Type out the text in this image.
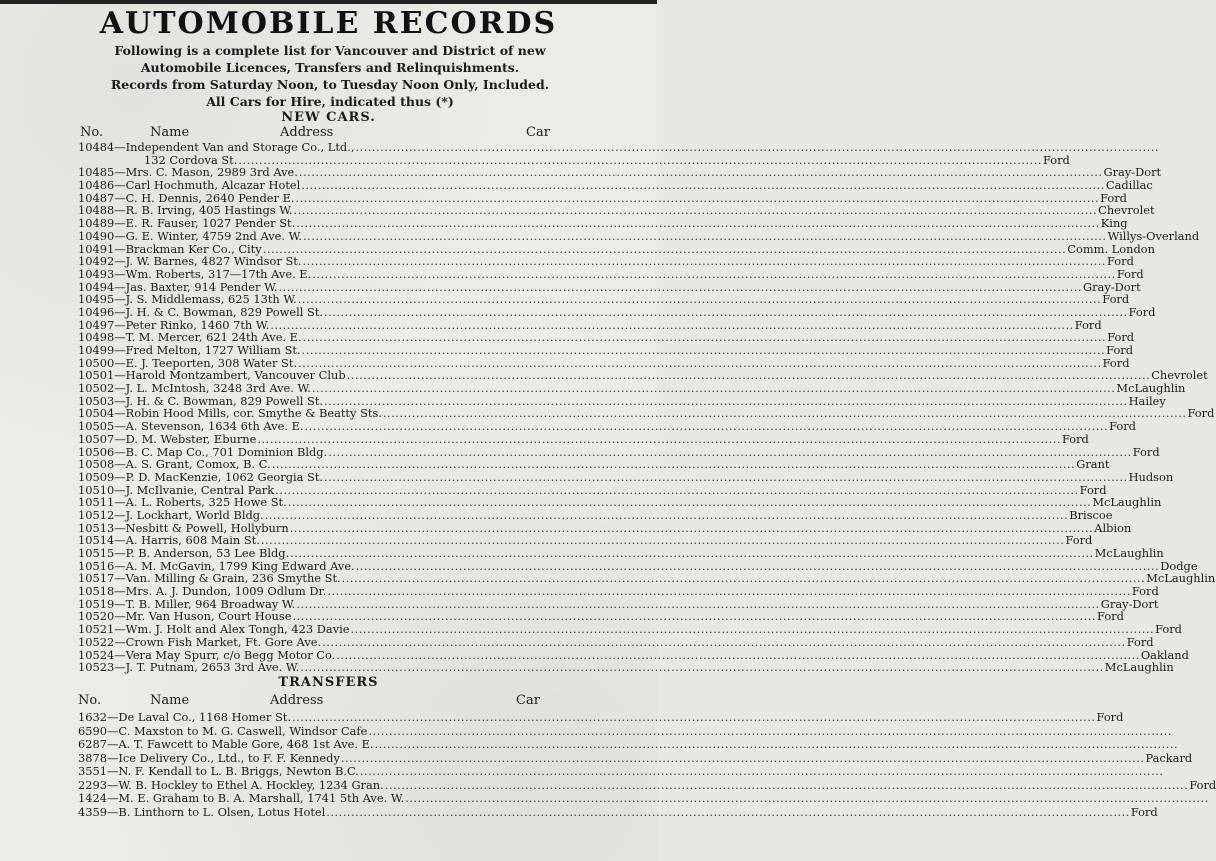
AUTOMOBILE RECORDS
Following is a complete list for Vancouver and District of new
Automobile Licences, Transfers and Relinquishments.
Records from Saturday Noon, to Tuesday Noon Only, Included.
All Cars for Hire, indicated thus (*)
NEW CARS.
No.	Name	Address	Car
10484 — Independent Van and Storage Co., Ltd.,
.....
132 Cordova St. .....	Ford
10485 — Mrs. C. Mason, 2989 3rd Ave. .....	Gray-Dort
10486 — Carl Hochmuth, Alcazar Hotel .....	Cadillac
10487 — C. H. Dennis, 2640 Pender E. .....	Ford
10488 — R. B. Irving, 405 Hastings W. .....	Chevrolet
10489 — E. R. Fauser, 1027 Pender St. .....	King
10490 — G. E. Winter, 4759 2nd Ave. W. .....	Willys-Overland
10491 — Brackman Ker Co., City .....	Comm. London
10492 — J. W. Barnes, 4827 Windsor St. .....	Ford
10493 — Wm. Roberts, 317—17th Ave. E. .....	Ford
10494 — Jas. Baxter, 914 Pender W. .....	Gray-Dort
10495 — J. S. Middlemass, 625 13th W. .....	Ford
10496 — J. H. & C. Bowman, 829 Powell St. .....	Ford
10497 — Peter Rinko, 1460 7th W. .....	Ford
10498 — T. M. Mercer, 621 24th Ave. E. .....	Ford
10499 — Fred Melton, 1727 William St. .....	Ford
10500 — E. J. Teeporten, 308 Water St. .....	Ford
10501 — Harold Montzambert, Vancouver Club .....	Chevrolet
10502 — J. L. McIntosh, 3248 3rd Ave. W. .....	McLaughlin
10503 — J. H. & C. Bowman, 829 Powell St. .....	Hailey
10504 — Robin Hood Mills, cor. Smythe & Beatty Sts. .....	Ford
10505 — A. Stevenson, 1634 6th Ave. E. .....	Ford
10507 — D. M. Webster, Eburne .....	Ford
10506 — B. C. Map Co., 701 Dominion Bldg. .....	Ford
10508 — A. S. Grant, Comox, B. C. .....	Grant
10509 — P. D. MacKenzie, 1062 Georgia St. .....	Hudson
10510 — J. McIlvanie, Central Park .....	Ford
10511 — A. L. Roberts, 325 Howe St. .....	McLaughlin
10512 — J. Lockhart, World Bldg. .....	Briscoe
10513 — Nesbitt & Powell, Hollyburn .....	Albion
10514 — A. Harris, 608 Main St. .....	Ford
10515 — P. B. Anderson, 53 Lee Bldg. .....	McLaughlin
10516 — A. M. McGavin, 1799 King Edward Ave. .....	Dodge
10517 — Van. Milling & Grain, 236 Smythe St. .....	McLaughlin
10518 — Mrs. A. J. Dundon, 1009 Odlum Dr. .....	Ford
10519 — T. B. Miller, 964 Broadway W. .....	Gray-Dort
10520 — Mr. Van Huson, Court House .....	Ford
10521 — Wm. J. Holt and Alex Tongh, 423 Davie .....	Ford
10522 — Crown Fish Market, Ft. Gore Ave. .....	Ford
10524 — Vera May Spurr, c/o Begg Motor Co. .....	Oakland
10523 — J. T. Putnam, 2653 3rd Ave. W. .....	McLaughlin
TRANSFERS
No.	Name	Address	Car
1632 — De Laval Co., 1168 Homer St. .....	Ford
6590 — C. Maxston to M. G. Caswell, Windsor Cafe
.....
6287 — A. T. Fawcett to Mable Gore, 468 1st Ave. E.
.....
3878 — Ice Delivery Co., Ltd., to F. F. Kennedy .....	Packard
3551 — N. F. Kendall to L. B. Briggs, Newton B.C.
.....
2293 — W. B. Hockley to Ethel A. Hockley, 1234 Gran. .....	Ford
1424 — M. E. Graham to B. A. Marshall, 1741 5th Ave. W.
.....
4359 — B. Linthorn to L. Olsen, Lotus Hotel .....	Ford
